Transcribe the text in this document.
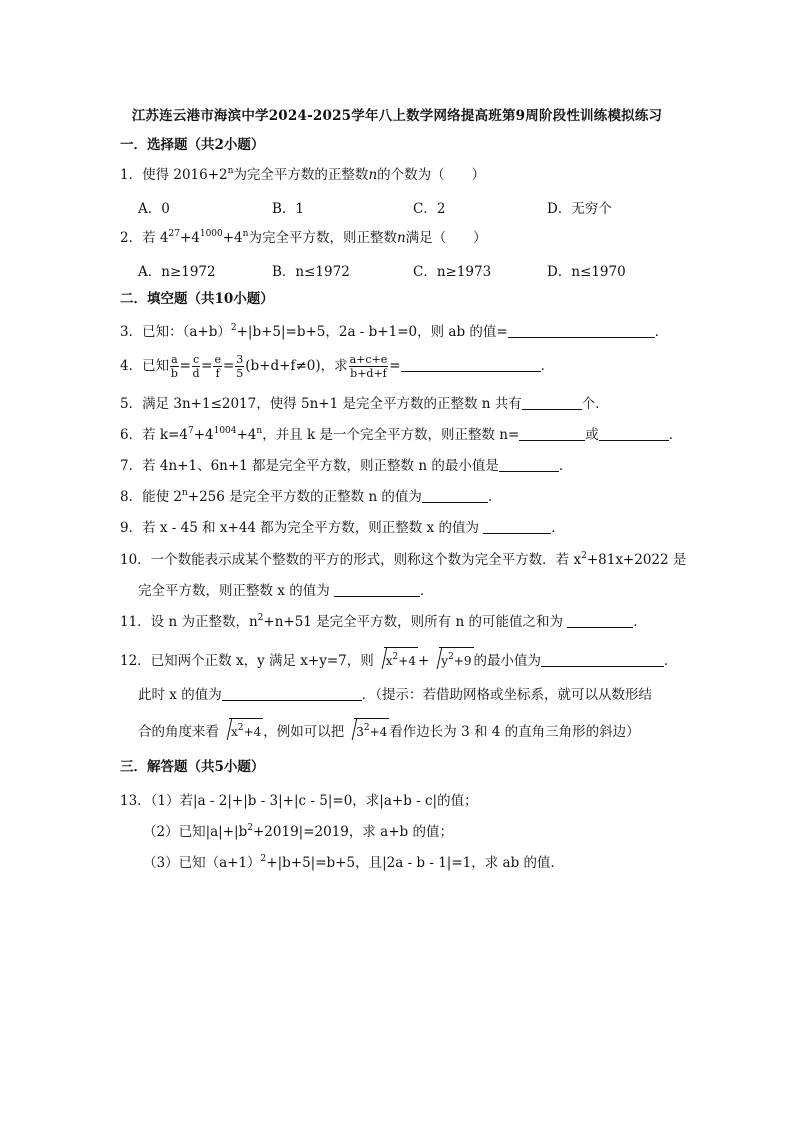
江苏连云港市海滨中学2024-2025学年八上数学网络提高班第9周阶段性训练模拟练习
一．选择题（共2小题）
1．使得 $2016+2^n$为完全平方数的正整数n的个数为（　　）
A．0	B．1	C．2	D．无穷个
2．若 $4^{27}+4^{1000}+4^n$为完全平方数，则正整数n满足（　　）
A．n≥1972	B．n≤1972	C．n≥1973	D．n≤1970
二．填空题（共10小题）
3．已知：$(a+b)^2+|b+5|=b+5$，2a - b+1=0，则 ab 的值=	．
4．已知 $\frac{a}{b} = \frac{c}{d} = \frac{e}{f} = \frac{3}{5} (b+d+f\ne 0)$，求 $\frac{a+c+e}{b+d+f}$ =	．
5．满足 3n+1≤2017，使得 5n+1 是完全平方数的正整数 n 共有	个．
6．若 $k=4^7+4^{1004}+4^n$，并且 k 是一个完全平方数，则正整数 n=	或	．
7．若 4n+1、6n+1 都是完全平方数，则正整数 n 的最小值是	．
8．能使 $2^n+256$ 是完全平方数的正整数 n 的值为	．
9．若 x - 45 和 x+44 都为完全平方数，则正整数 x 的值为	．
10．一个数能表示成某个整数的平方的形式，则称这个数为完全平方数．若 $x^2+81x+2022$ 是
完全平方数，则正整数 x 的值为	．
11．设 n 为正整数，$n^2+n+51$ 是完全平方数，则所有 n 的可能值之和为	．
12．已知两个正数 x，y 满足 x+y=7，则 $x^2+4 + y^2+9$ 的最小值为	．
此时 x 的值为	．（提示：若借助网格或坐标系，就可以从数形结
合的角度来看 $x^2+4$ ，例如可以把 $3^2+4$ 看作边长为 3 和 4 的直角三角形的斜边）
三．解答题（共5小题）
13．（1）若|a - 2|+|b - 3|+|c - 5|=0，求|a+b - c|的值；
（2）已知$|a|+|b^2+2019|=2019$，求 a+b 的值；
（3）已知$(a+1)^2+|b+5|=b+5$，且|2a - b - 1|=1，求 ab 的值．
